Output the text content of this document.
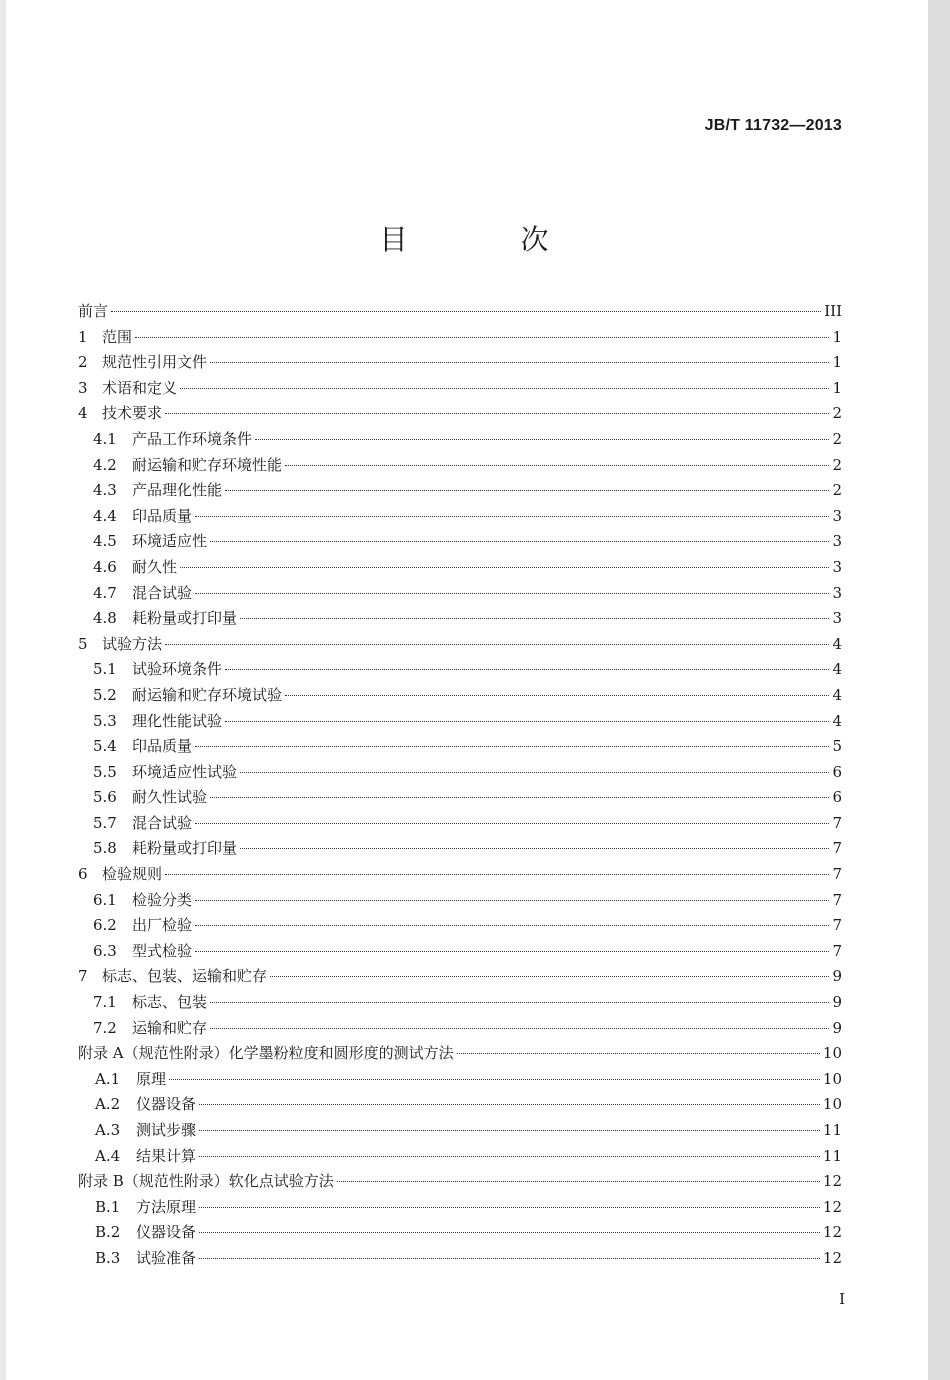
JB/T 11732—2013
目 次
前言	III
1 范围	1
2 规范性引用文件	1
3 术语和定义	1
4 技术要求	2
4.1	产品工作环境条件	2
4.2	耐运输和贮存环境性能	2
4.3	产品理化性能	2
4.4	印品质量	3
4.5	环境适应性	3
4.6	耐久性	3
4.7	混合试验	3
4.8	耗粉量或打印量	3
5 试验方法	4
5.1	试验环境条件	4
5.2	耐运输和贮存环境试验	4
5.3	理化性能试验	4
5.4	印品质量	5
5.5	环境适应性试验	6
5.6	耐久性试验	6
5.7	混合试验	7
5.8	耗粉量或打印量	7
6 检验规则	7
6.1	检验分类	7
6.2	出厂检验	7
6.3	型式检验	7
7 标志、包装、运输和贮存	9
7.1	标志、包装	9
7.2	运输和贮存	9
附录 A（规范性附录）化学墨粉粒度和圆形度的测试方法	10
A.1	原理	10
A.2	仪器设备	10
A.3	测试步骤	11
A.4	结果计算	11
附录 B（规范性附录）软化点试验方法	12
B.1	方法原理	12
B.2	仪器设备	12
B.3	试验准备	12
I
